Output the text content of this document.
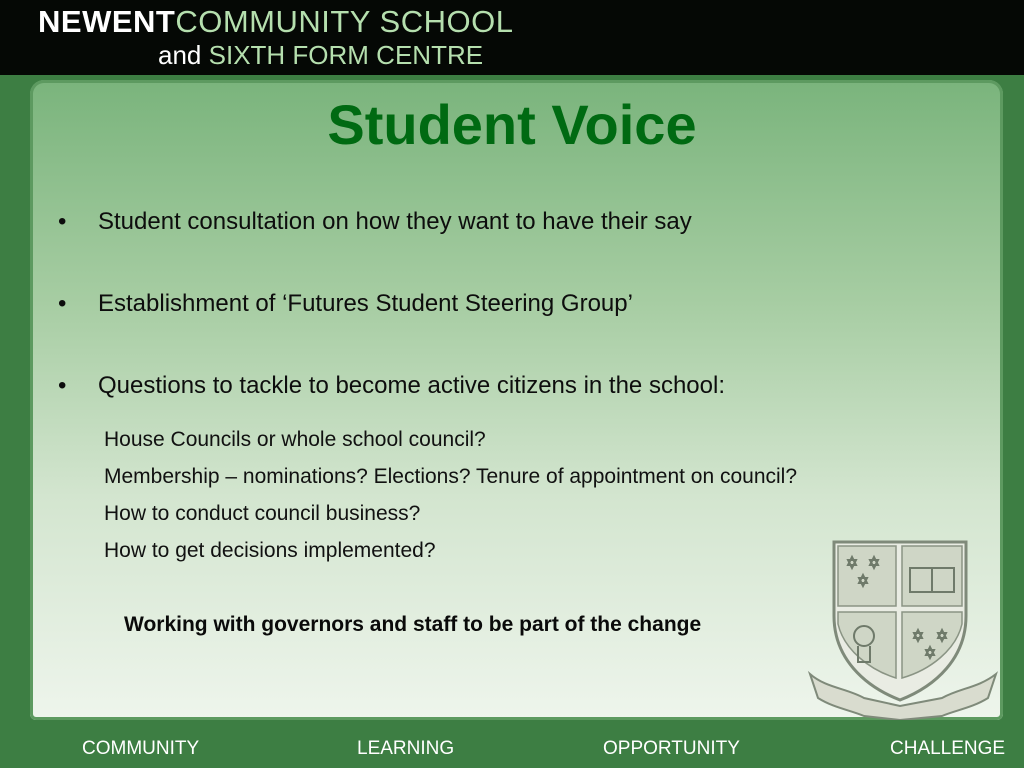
NEWENTCOMMUNITY SCHOOL
and SIXTH FORM CENTRE
Student Voice
• Student consultation on how they want to have their say
• Establishment of ‘Futures Student Steering Group’
• Questions to tackle to become active citizens in the school:
House Councils or whole school council?
Membership – nominations? Elections? Tenure of appointment on council?
How to conduct council business?
How to get decisions implemented?
Working with governors and staff to be part of the change
COMMUNITY	LEARNING	OPPORTUNITY	CHALLENGE
